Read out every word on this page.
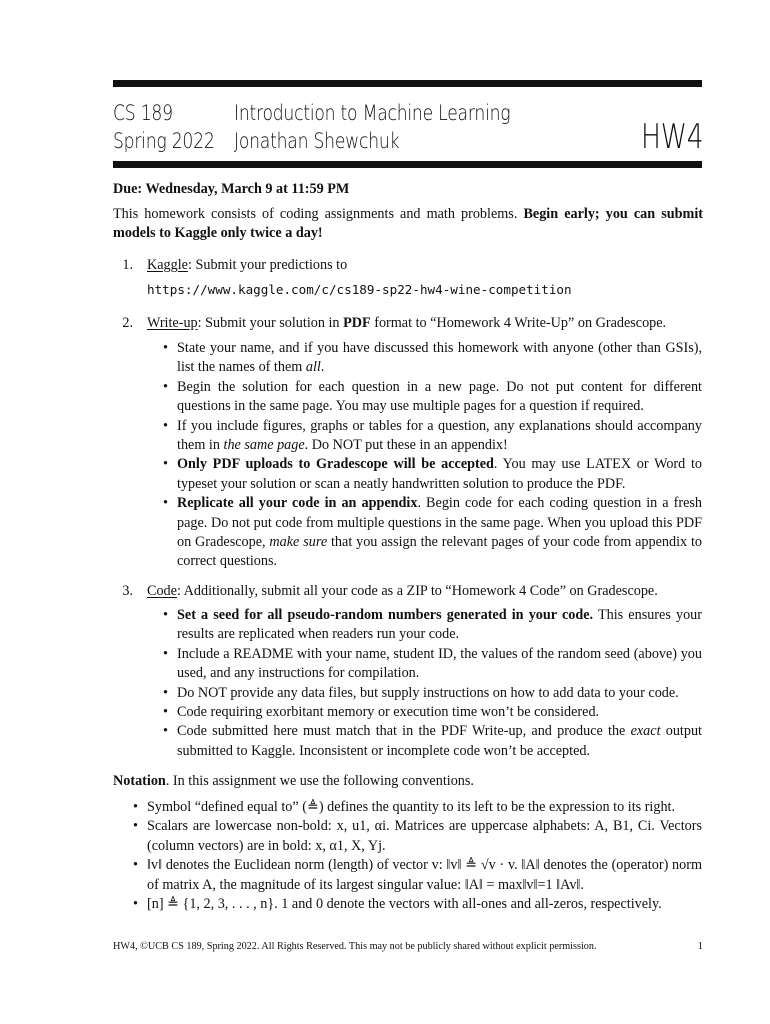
CS 189
Spring 2022
Introduction to Machine Learning
Jonathan Shewchuk	HW4
Due: Wednesday, March 9 at 11:59 PM
This homework consists of coding assignments and math problems. Begin early; you can submit models to Kaggle only twice a day!
1. Kaggle: Submit your predictions to
https://www.kaggle.com/c/cs189-sp22-hw4-wine-competition
2. Write-up: Submit your solution in PDF format to “Homework 4 Write-Up” on Gradescope.
• State your name, and if you have discussed this homework with anyone (other than GSIs), list the names of them all.
• Begin the solution for each question in a new page. Do not put content for different questions in the same page. You may use multiple pages for a question if required.
• If you include figures, graphs or tables for a question, any explanations should accompany them in the same page. Do NOT put these in an appendix!
• Only PDF uploads to Gradescope will be accepted. You may use LATEX or Word to typeset your solution or scan a neatly handwritten solution to produce the PDF.
• Replicate all your code in an appendix. Begin code for each coding question in a fresh page. Do not put code from multiple questions in the same page. When you upload this PDF on Gradescope, make sure that you assign the relevant pages of your code from appendix to correct questions.
3. Code: Additionally, submit all your code as a ZIP to “Homework 4 Code” on Gradescope.
• Set a seed for all pseudo-random numbers generated in your code. This ensures your results are replicated when readers run your code.
• Include a README with your name, student ID, the values of the random seed (above) you used, and any instructions for compilation.
• Do NOT provide any data files, but supply instructions on how to add data to your code.
• Code requiring exorbitant memory or execution time won’t be considered.
• Code submitted here must match that in the PDF Write-up, and produce the exact output submitted to Kaggle. Inconsistent or incomplete code won’t be accepted.
Notation. In this assignment we use the following conventions.
• Symbol “defined equal to” (≜) defines the quantity to its left to be the expression to its right.
• Scalars are lowercase non-bold: x, u1, αi. Matrices are uppercase alphabets: A, B1, Ci. Vectors (column vectors) are in bold: x, α1, X, Yj.
• ‖v‖ denotes the Euclidean norm (length) of vector v: ‖v‖ ≜ √v · v. ‖A‖ denotes the (operator) norm of matrix A, the magnitude of its largest singular value: ‖A‖ = max‖v‖=1 ‖Av‖.
• [n] ≜ {1, 2, 3, . . . , n}. 1 and 0 denote the vectors with all-ones and all-zeros, respectively.
HW4, ©UCB CS 189, Spring 2022. All Rights Reserved. This may not be publicly shared without explicit permission.	1
